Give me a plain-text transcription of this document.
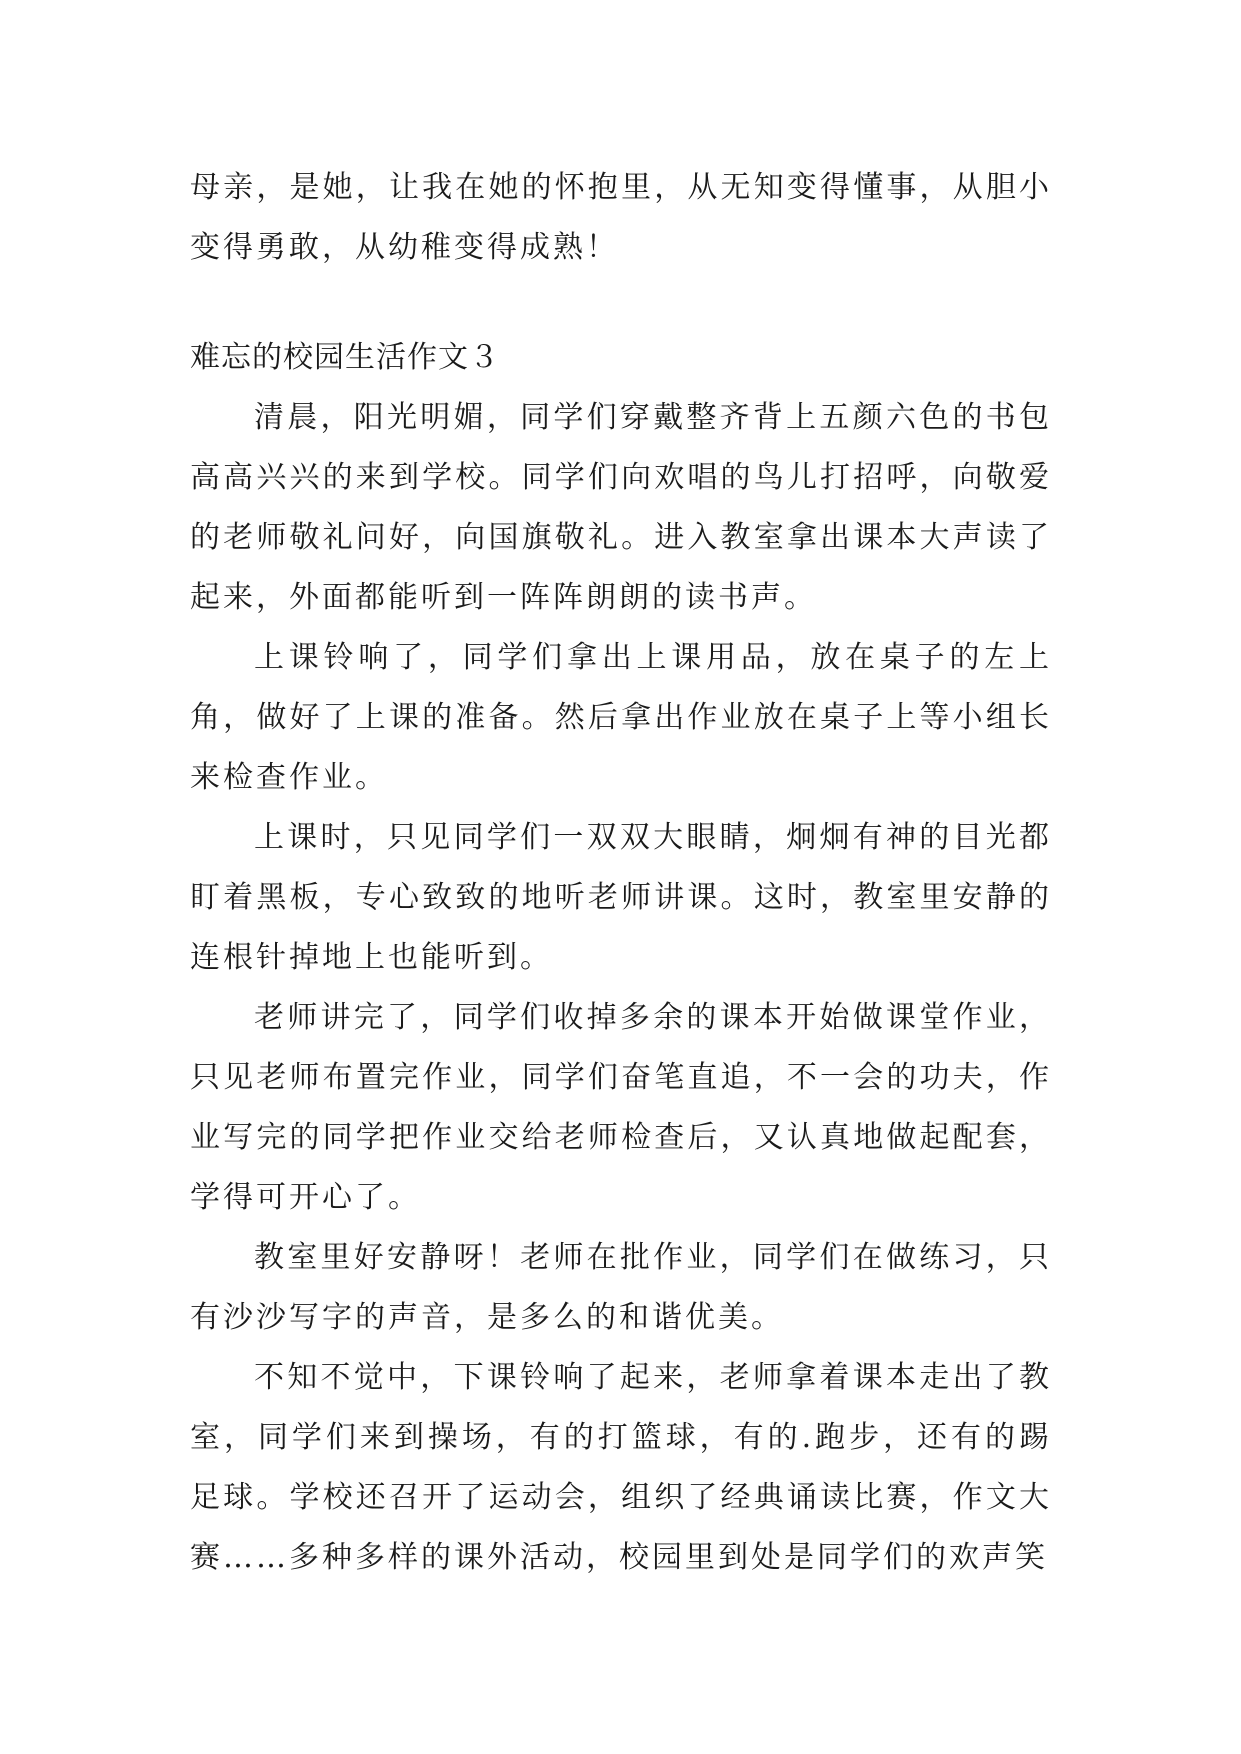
母亲，是她，让我在她的怀抱里，从无知变得懂事，从胆小变得勇敢，从幼稚变得成熟！

难忘的校园生活作文３

清晨，阳光明媚，同学们穿戴整齐背上五颜六色的书包高高兴兴的来到学校。同学们向欢唱的鸟儿打招呼，向敬爱的老师敬礼问好，向国旗敬礼。进入教室拿出课本大声读了起来，外面都能听到一阵阵朗朗的读书声。

上课铃响了，同学们拿出上课用品，放在桌子的左上角，做好了上课的准备。然后拿出作业放在桌子上等小组长来检查作业。

上课时，只见同学们一双双大眼睛，炯炯有神的目光都盯着黑板，专心致致的地听老师讲课。这时，教室里安静的连根针掉地上也能听到。

老师讲完了，同学们收掉多余的课本开始做课堂作业，只见老师布置完作业，同学们奋笔直追，不一会的功夫，作业写完的同学把作业交给老师检查后，又认真地做起配套，学得可开心了。

教室里好安静呀！老师在批作业，同学们在做练习，只有沙沙写字的声音，是多么的和谐优美。

不知不觉中，下课铃响了起来，老师拿着课本走出了教室，同学们来到操场，有的打篮球，有的.跑步，还有的踢足球。学校还召开了运动会，组织了经典诵读比赛，作文大赛……多种多样的课外活动，校园里到处是同学们的欢声笑
